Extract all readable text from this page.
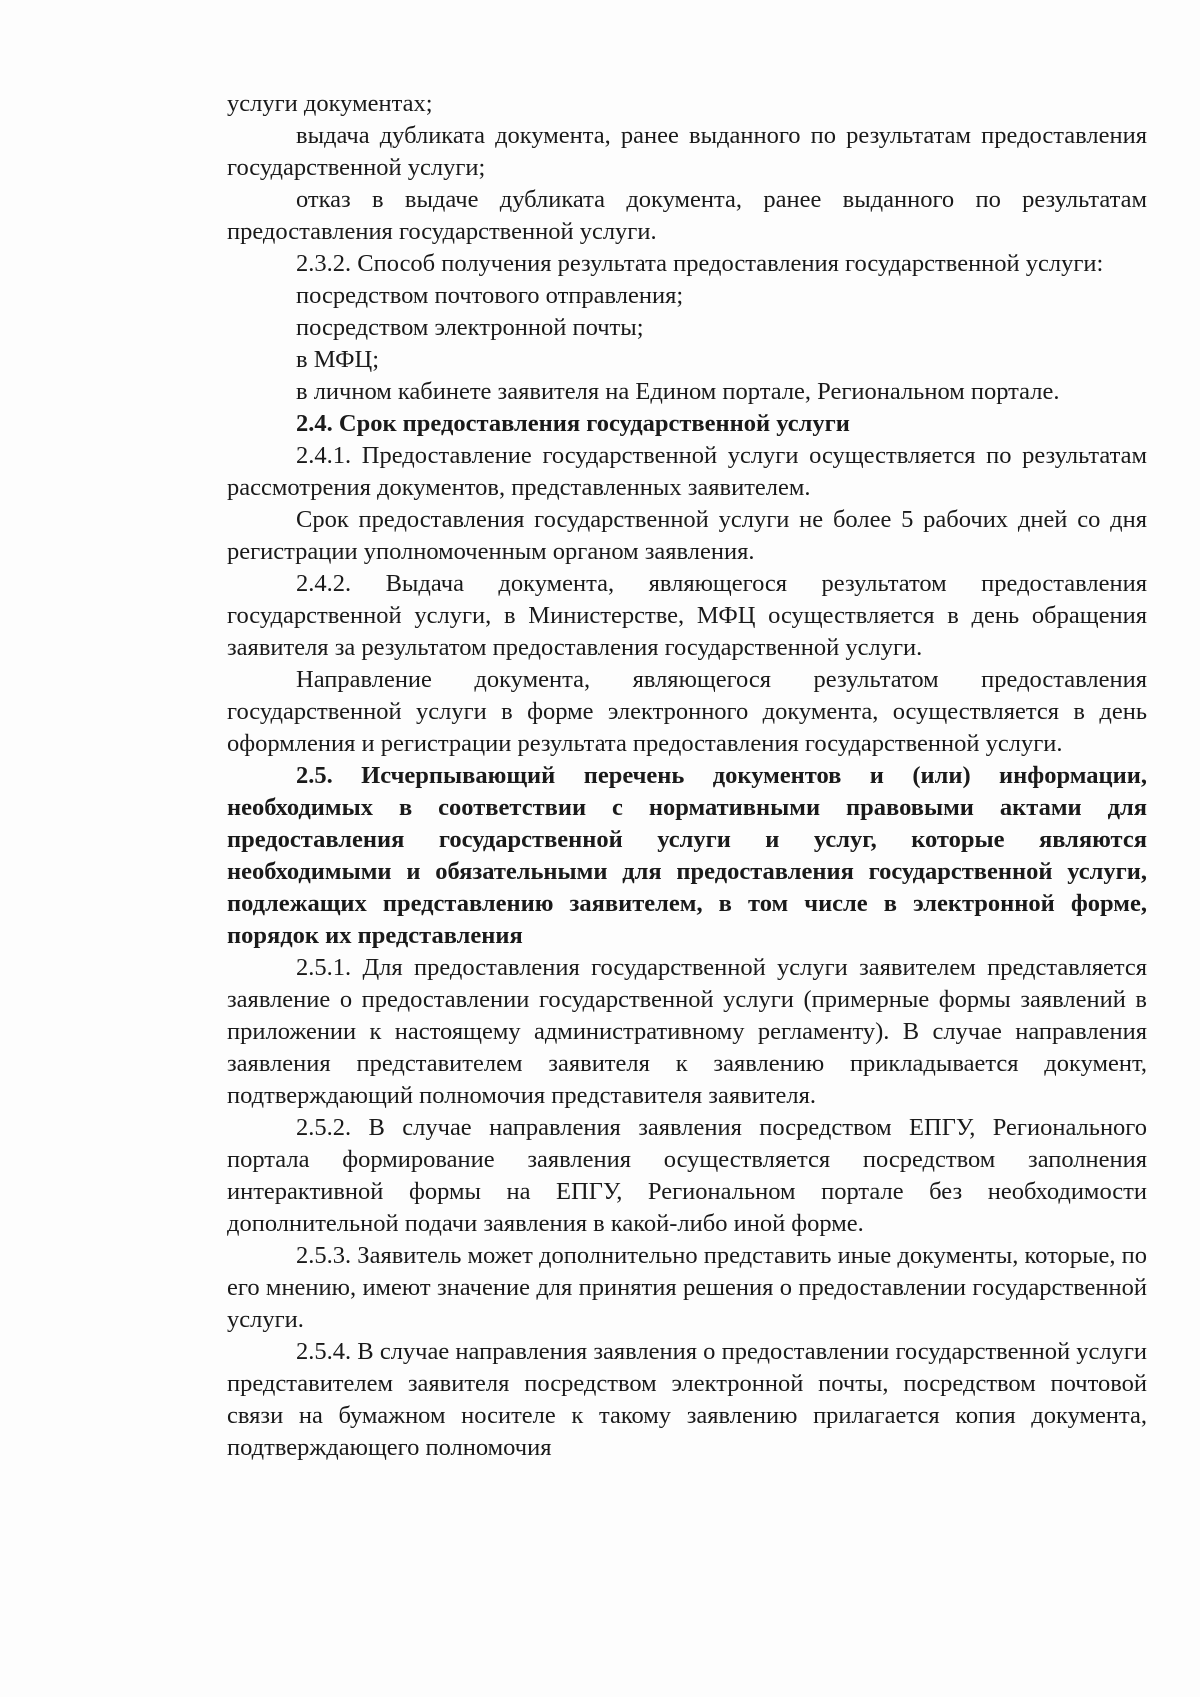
услуги документах;

выдача дубликата документа, ранее выданного по результатам предоставления государственной услуги;

отказ в выдаче дубликата документа, ранее выданного по результатам предоставления государственной услуги.

2.3.2. Способ получения результата предоставления государственной услуги:

посредством почтового отправления;

посредством электронной почты;

в МФЦ;

в личном кабинете заявителя на Едином портале, Региональном портале.

2.4. Срок предоставления государственной услуги

2.4.1. Предоставление государственной услуги осуществляется по результатам рассмотрения документов, представленных заявителем.

Срок предоставления государственной услуги не более 5 рабочих дней со дня регистрации уполномоченным органом заявления.

2.4.2. Выдача документа, являющегося результатом предоставления государственной услуги, в Министерстве, МФЦ осуществляется в день обращения заявителя за результатом предоставления государственной услуги.

Направление документа, являющегося результатом предоставления государственной услуги в форме электронного документа, осуществляется в день оформления и регистрации результата предоставления государственной услуги.

2.5. Исчерпывающий перечень документов и (или) информации, необходимых в соответствии с нормативными правовыми актами для предоставления государственной услуги и услуг, которые являются необходимыми и обязательными для предоставления государственной услуги, подлежащих представлению заявителем, в том числе в электронной форме, порядок их представления

2.5.1. Для предоставления государственной услуги заявителем представляется заявление о предоставлении государственной услуги (примерные формы заявлений в приложении к настоящему административному регламенту). В случае направления заявления представителем заявителя к заявлению прикладывается документ, подтверждающий полномочия представителя заявителя.

2.5.2. В случае направления заявления посредством ЕПГУ, Регионального портала формирование заявления осуществляется посредством заполнения интерактивной формы на ЕПГУ, Региональном портале без необходимости дополнительной подачи заявления в какой-либо иной форме.

2.5.3. Заявитель может дополнительно представить иные документы, которые, по его мнению, имеют значение для принятия решения о предоставлении государственной услуги.

2.5.4. В случае направления заявления о предоставлении государственной услуги представителем заявителя посредством электронной почты, посредством почтовой связи на бумажном носителе к такому заявлению прилагается копия документа, подтверждающего полномочия
